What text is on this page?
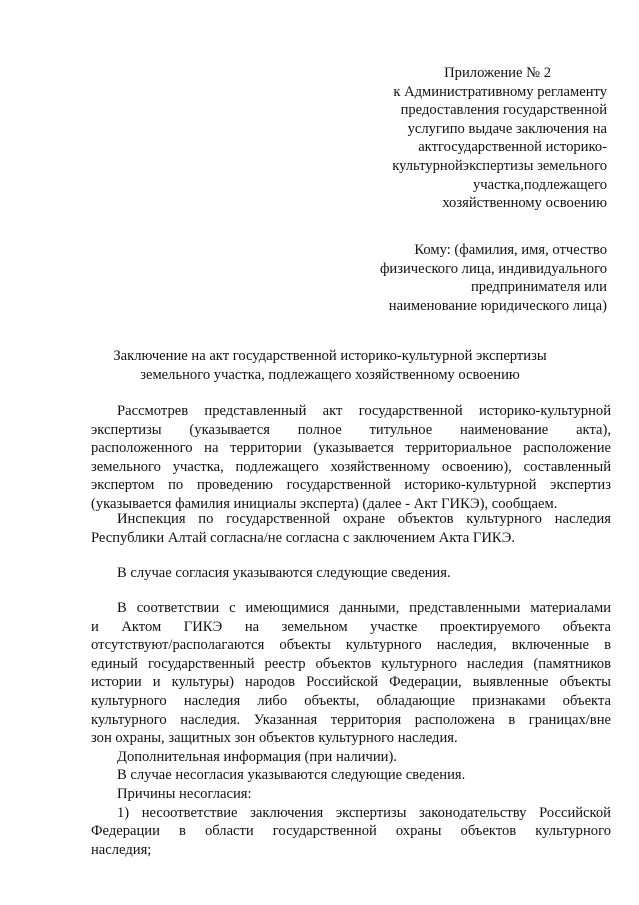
Приложение № 2
к Административному регламенту
предоставления государственной
услугипо выдаче заключения на
актгосударственной историко-
культурнойэкспертизы земельного
участка,подлежащего
хозяйственному освоению
Кому: (фамилия, имя, отчество
физического лица, индивидуального
предпринимателя или
наименование юридического лица)
Заключение на акт государственной историко-культурной экспертизы
земельного участка, подлежащего хозяйственному освоению
Рассмотрев представленный акт государственной историко-культурной
экспертизы (указывается полное титульное наименование акта),
расположенного на территории (указывается территориальное расположение
земельного участка, подлежащего хозяйственному освоению), составленный
экспертом по проведению государственной историко-культурной экспертиз
(указывается фамилия инициалы эксперта) (далее - Акт ГИКЭ), сообщаем.
Инспекция по государственной охране объектов культурного наследия
Республики Алтай согласна/не согласна с заключением Акта ГИКЭ.
В случае согласия указываются следующие сведения.
В соответствии с имеющимися данными, представленными материалами
и Актом ГИКЭ на земельном участке проектируемого объекта
отсутствуют/располагаются объекты культурного наследия, включенные в
единый государственный реестр объектов культурного наследия (памятников
истории и культуры) народов Российской Федерации, выявленные объекты
культурного наследия либо объекты, обладающие признаками объекта
культурного наследия. Указанная территория расположена в границах/вне
зон охраны, защитных зон объектов культурного наследия.
Дополнительная информация (при наличии).
В случае несогласия указываются следующие сведения.
Причины несогласия:
1) несоответствие заключения экспертизы законодательству Российской
Федерации в области государственной охраны объектов культурного
наследия;
